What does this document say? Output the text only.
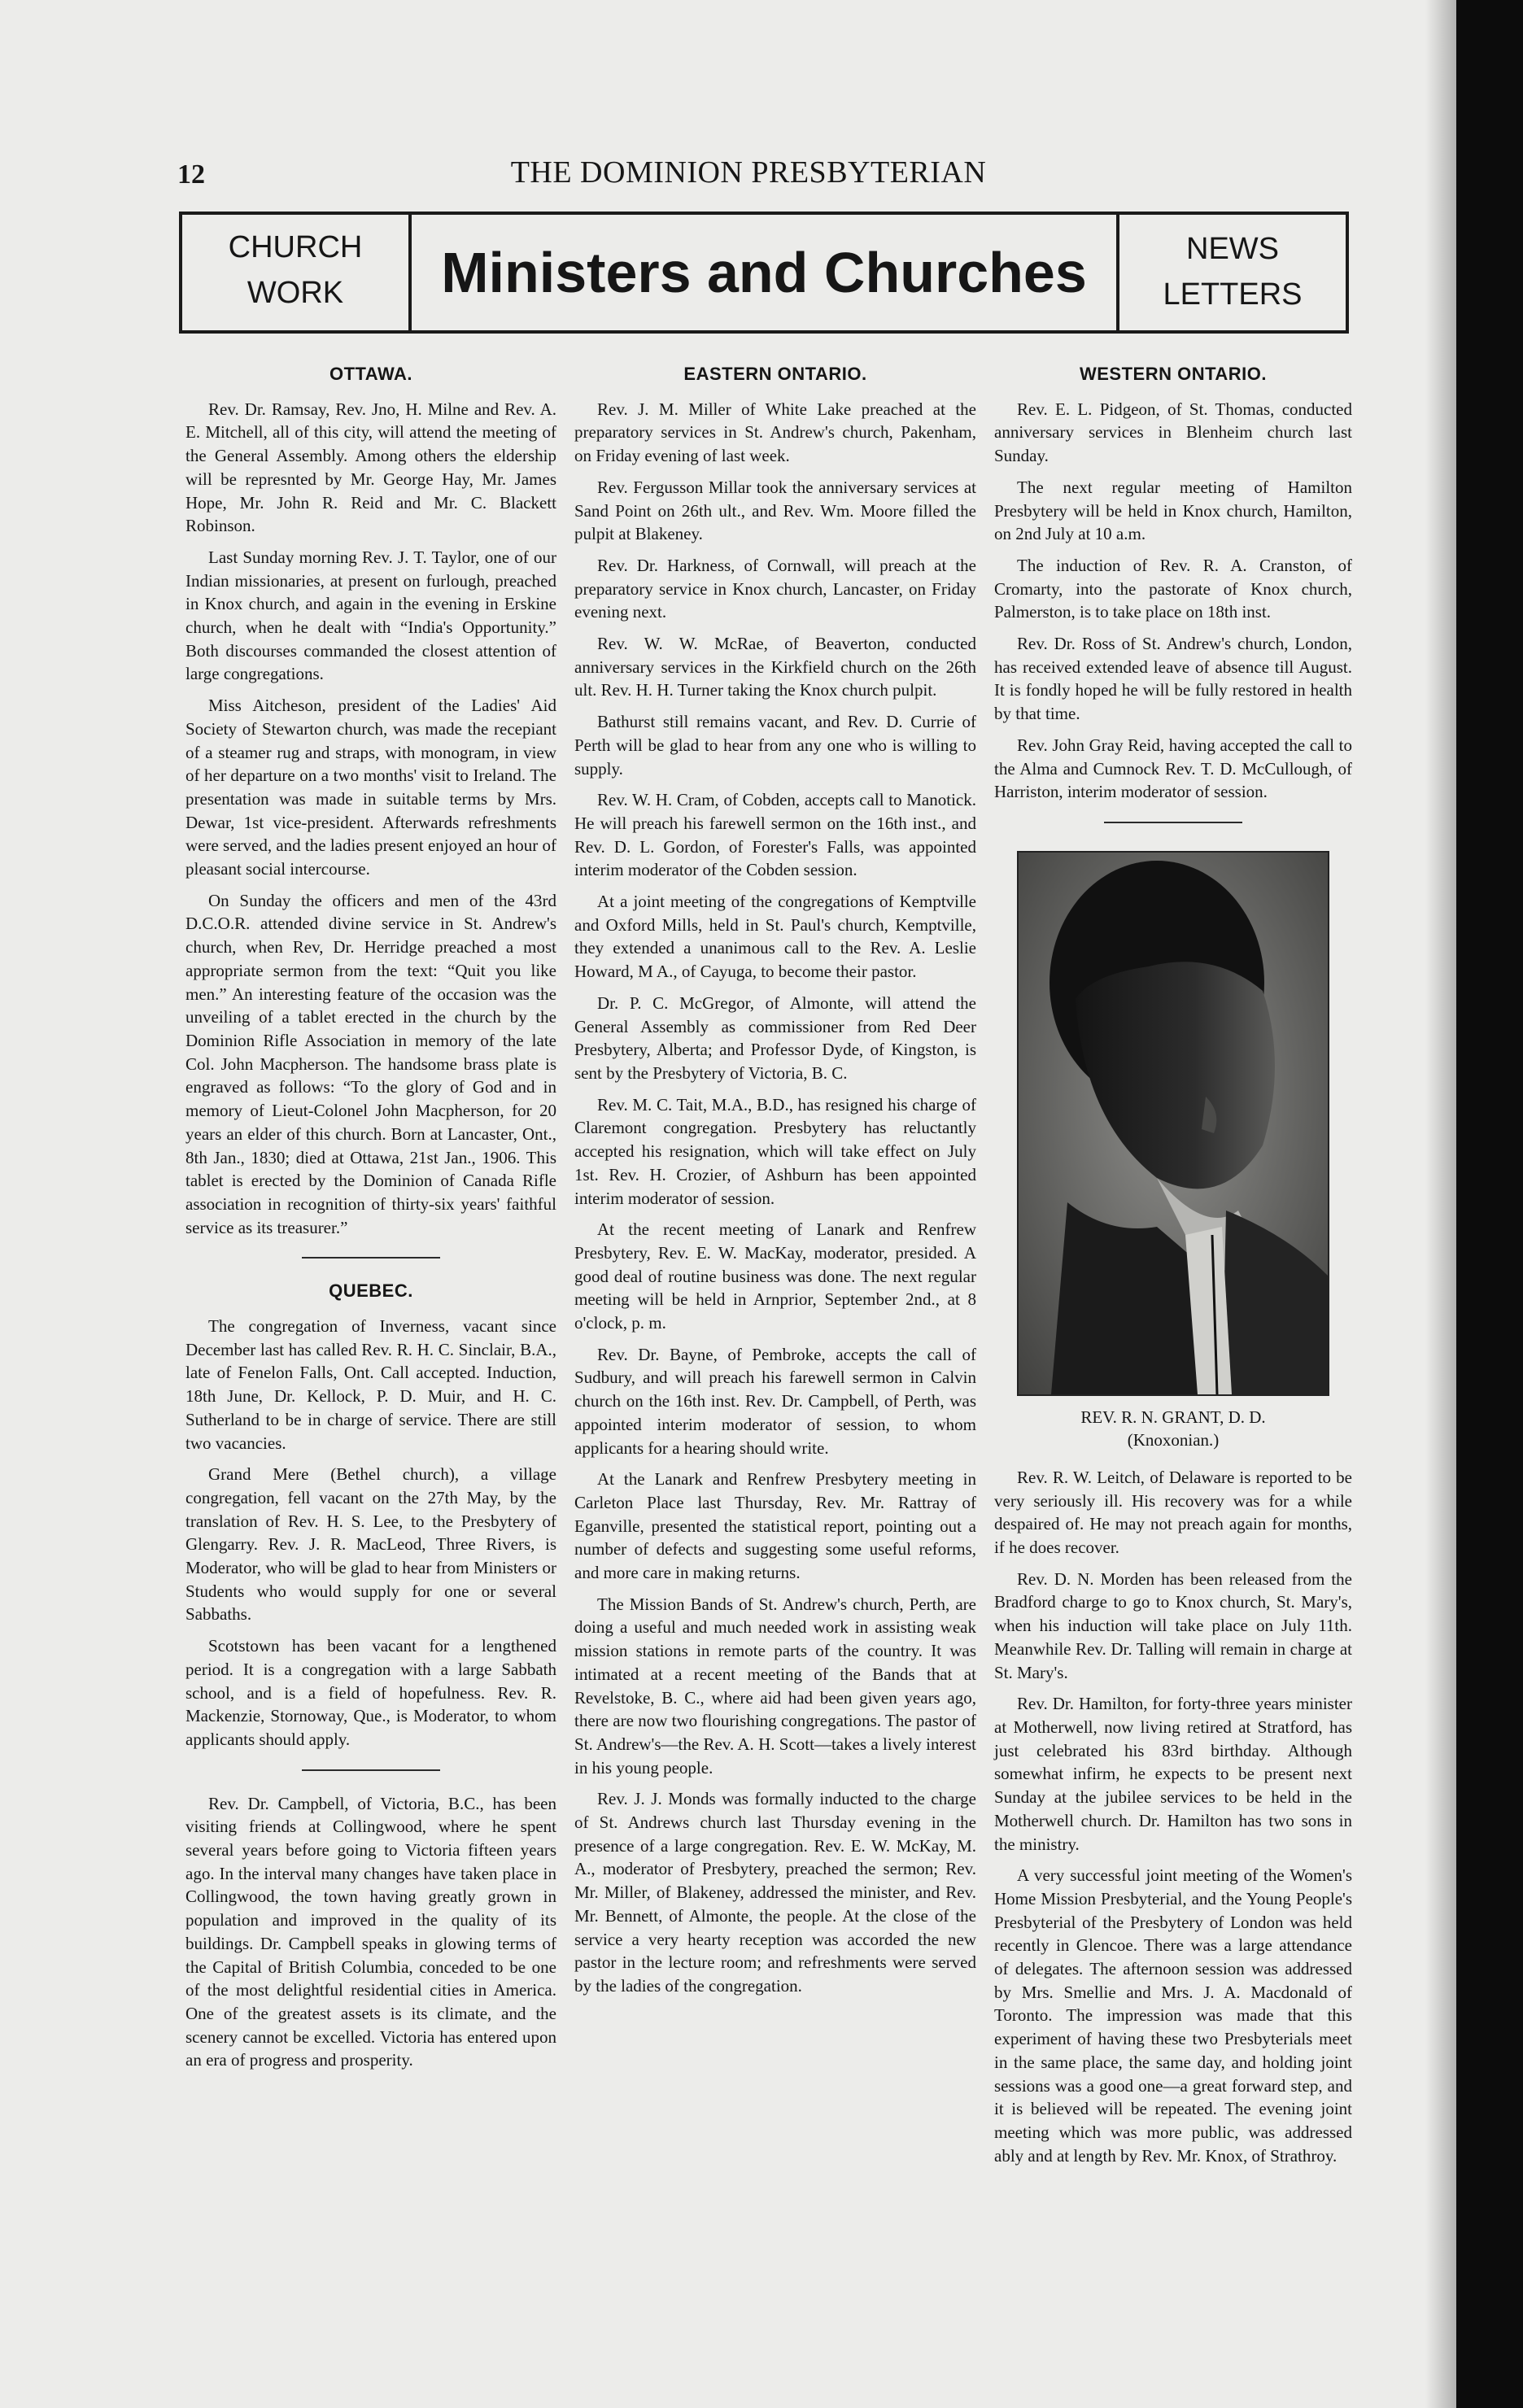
12	THE DOMINION PRESBYTERIAN
CHURCH
WORK	Ministers and Churches	NEWS
LETTERS
OTTAWA.

Rev. Dr. Ramsay, Rev. Jno, H. Milne and Rev. A. E. Mitchell, all of this city, will attend the meeting of the General Assembly. Among others the eldership will be represnted by Mr. George Hay, Mr. James Hope, Mr. John R. Reid and Mr. C. Blackett Robinson.

Last Sunday morning Rev. J. T. Taylor, one of our Indian missionaries, at present on furlough, preached in Knox church, and again in the evening in Erskine church, when he dealt with “India's Opportunity.” Both discourses commanded the closest attention of large congregations.

Miss Aitcheson, president of the Ladies' Aid Society of Stewarton church, was made the recepiant of a steamer rug and straps, with monogram, in view of her departure on a two months' visit to Ireland. The presentation was made in suitable terms by Mrs. Dewar, 1st vice-president. Afterwards refreshments were served, and the ladies present enjoyed an hour of pleasant social intercourse.

On Sunday the officers and men of the 43rd D.C.O.R. attended divine service in St. Andrew's church, when Rev, Dr. Herridge preached a most appropriate sermon from the text: “Quit you like men.” An interesting feature of the occasion was the unveiling of a tablet erected in the church by the Dominion Rifle Association in memory of the late Col. John Macpherson. The handsome brass plate is engraved as follows: “To the glory of God and in memory of Lieut-Colonel John Macpherson, for 20 years an elder of this church. Born at Lancaster, Ont., 8th Jan., 1830; died at Ottawa, 21st Jan., 1906. This tablet is erected by the Dominion of Canada Rifle association in recognition of thirty-six years' faithful service as its treasurer.”

QUEBEC.

The congregation of Inverness, vacant since December last has called Rev. R. H. C. Sinclair, B.A., late of Fenelon Falls, Ont. Call accepted. Induction, 18th June, Dr. Kellock, P. D. Muir, and H. C. Sutherland to be in charge of service. There are still two vacancies.

Grand Mere (Bethel church), a village congregation, fell vacant on the 27th May, by the translation of Rev. H. S. Lee, to the Presbytery of Glengarry. Rev. J. R. MacLeod, Three Rivers, is Moderator, who will be glad to hear from Ministers or Students who would supply for one or several Sabbaths.

Scotstown has been vacant for a lengthened period. It is a congregation with a large Sabbath school, and is a field of hopefulness. Rev. R. Mackenzie, Stornoway, Que., is Moderator, to whom applicants should apply.

Rev. Dr. Campbell, of Victoria, B.C., has been visiting friends at Collingwood, where he spent several years before going to Victoria fifteen years ago. In the interval many changes have taken place in Collingwood, the town having greatly grown in population and improved in the quality of its buildings. Dr. Campbell speaks in glowing terms of the Capital of British Columbia, conceded to be one of the most delightful residential cities in America. One of the greatest assets is its climate, and the scenery cannot be excelled. Victoria has entered upon an era of progress and prosperity.

EASTERN ONTARIO.

Rev. J. M. Miller of White Lake preached at the preparatory services in St. Andrew's church, Pakenham, on Friday evening of last week.

Rev. Fergusson Millar took the anniversary services at Sand Point on 26th ult., and Rev. Wm. Moore filled the pulpit at Blakeney.

Rev. Dr. Harkness, of Cornwall, will preach at the preparatory service in Knox church, Lancaster, on Friday evening next.

Rev. W. W. McRae, of Beaverton, conducted anniversary services in the Kirkfield church on the 26th ult. Rev. H. H. Turner taking the Knox church pulpit.

Bathurst still remains vacant, and Rev. D. Currie of Perth will be glad to hear from any one who is willing to supply.

Rev. W. H. Cram, of Cobden, accepts call to Manotick. He will preach his farewell sermon on the 16th inst., and Rev. D. L. Gordon, of Forester's Falls, was appointed interim moderator of the Cobden session.

At a joint meeting of the congregations of Kemptville and Oxford Mills, held in St. Paul's church, Kemptville, they extended a unanimous call to the Rev. A. Leslie Howard, M A., of Cayuga, to become their pastor.

Dr. P. C. McGregor, of Almonte, will attend the General Assembly as commissioner from Red Deer Presbytery, Alberta; and Professor Dyde, of Kingston, is sent by the Presbytery of Victoria, B. C.

Rev. M. C. Tait, M.A., B.D., has resigned his charge of Claremont congregation. Presbytery has reluctantly accepted his resignation, which will take effect on July 1st. Rev. H. Crozier, of Ashburn has been appointed interim moderator of session.

At the recent meeting of Lanark and Renfrew Presbytery, Rev. E. W. MacKay, moderator, presided. A good deal of routine business was done. The next regular meeting will be held in Arnprior, September 2nd., at 8 o'clock, p. m.

Rev. Dr. Bayne, of Pembroke, accepts the call of Sudbury, and will preach his farewell sermon in Calvin church on the 16th inst. Rev. Dr. Campbell, of Perth, was appointed interim moderator of session, to whom applicants for a hearing should write.

At the Lanark and Renfrew Presbytery meeting in Carleton Place last Thursday, Rev. Mr. Rattray of Eganville, presented the statistical report, pointing out a number of defects and suggesting some useful reforms, and more care in making returns.

The Mission Bands of St. Andrew's church, Perth, are doing a useful and much needed work in assisting weak mission stations in remote parts of the country. It was intimated at a recent meeting of the Bands that at Revelstoke, B. C., where aid had been given years ago, there are now two flourishing congregations. The pastor of St. Andrew's—the Rev. A. H. Scott—takes a lively interest in his young people.

Rev. J. J. Monds was formally inducted to the charge of St. Andrews church last Thursday evening in the presence of a large congregation. Rev. E. W. McKay, M. A., moderator of Presbytery, preached the sermon; Rev. Mr. Miller, of Blakeney, addressed the minister, and Rev. Mr. Bennett, of Almonte, the people. At the close of the service a very hearty reception was accorded the new pastor in the lecture room; and refreshments were served by the ladies of the congregation.

WESTERN ONTARIO.

Rev. E. L. Pidgeon, of St. Thomas, conducted anniversary services in Blenheim church last Sunday.

The next regular meeting of Hamilton Presbytery will be held in Knox church, Hamilton, on 2nd July at 10 a.m.

The induction of Rev. R. A. Cranston, of Cromarty, into the pastorate of Knox church, Palmerston, is to take place on 18th inst.

Rev. Dr. Ross of St. Andrew's church, London, has received extended leave of absence till August. It is fondly hoped he will be fully restored in health by that time.

Rev. John Gray Reid, having accepted the call to the Alma and Cumnock Rev. T. D. McCullough, of Harriston, interim moderator of session.

REV. R. N. GRANT, D. D.
(Knoxonian.)

Rev. R. W. Leitch, of Delaware is reported to be very seriously ill. His recovery was for a while despaired of. He may not preach again for months, if he does recover.

Rev. D. N. Morden has been released from the Bradford charge to go to Knox church, St. Mary's, when his induction will take place on July 11th. Meanwhile Rev. Dr. Talling will remain in charge at St. Mary's.

Rev. Dr. Hamilton, for forty-three years minister at Motherwell, now living retired at Stratford, has just celebrated his 83rd birthday. Although somewhat infirm, he expects to be present next Sunday at the jubilee services to be held in the Motherwell church. Dr. Hamilton has two sons in the ministry.

A very successful joint meeting of the Women's Home Mission Presbyterial, and the Young People's Presbyterial of the Presbytery of London was held recently in Glencoe. There was a large attendance of delegates. The afternoon session was addressed by Mrs. Smellie and Mrs. J. A. Macdonald of Toronto. The impression was made that this experiment of having these two Presbyterials meet in the same place, the same day, and holding joint sessions was a good one—a great forward step, and it is believed will be repeated. The evening joint meeting which was more public, was addressed ably and at length by Rev. Mr. Knox, of Strathroy.
